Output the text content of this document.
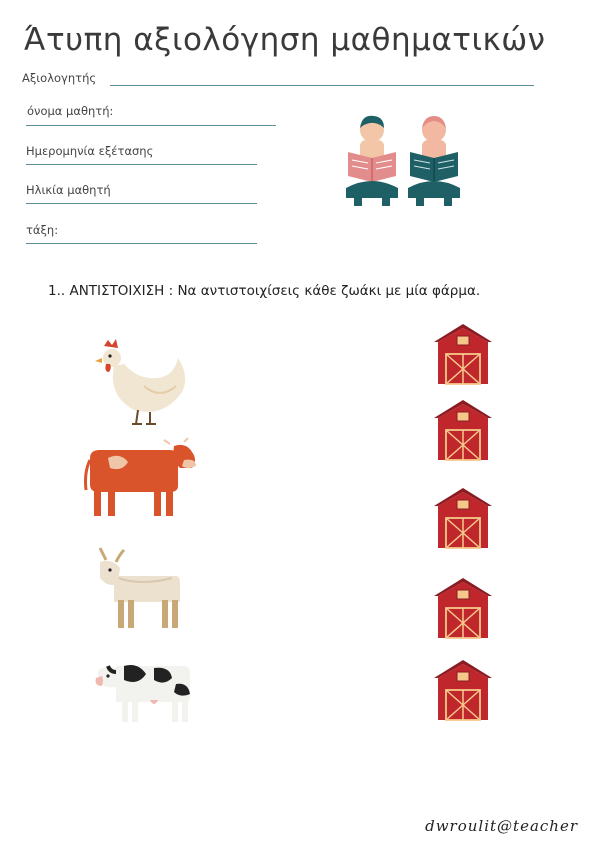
Άτυπη αξιολόγηση μαθηματικών
Αξιολογητής
όνομα μαθητή:
Ημερομηνία εξέτασης
Ηλικία μαθητή
τάξη:
1.. ΑΝΤΙΣΤΟΙΧΙΣΗ : Να αντιστοιχίσεις κάθε ζωάκι με μία φάρμα.
dwroulit@teacher
